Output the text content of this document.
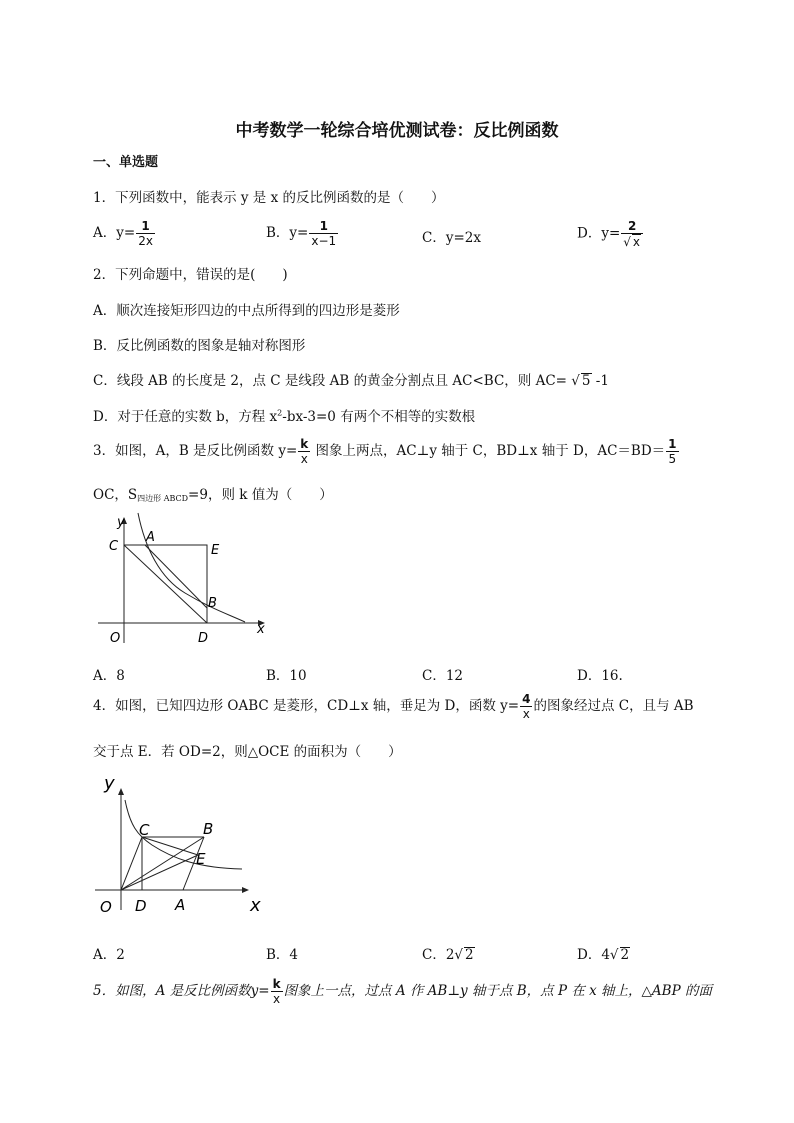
中考数学一轮综合培优测试卷：反比例函数
一、单选题
1．下列函数中，能表示 y 是 x 的反比例函数的是（　　）
A．$y= \frac{1}{2x}$	B．$y= \frac{1}{x-1}$	C．y=2x	D．$y= \frac{2}{√ x}$
2．下列命题中，错误的是(　　)
A．顺次连接矩形四边的中点所得到的四边形是菱形
B．反比例函数的图象是轴对称图形
C．线段 AB 的长度是 2，点 C 是线段 AB 的黄金分割点且 AC<BC，则 AC= √ 5 -1
D．对于任意的实数 b，方程 $x^2-bx-3=0$ 有两个不相等的实数根
3．如图，A，B 是反比例函数 $y= \frac{k}{x}$ 图象上两点，AC⊥y 轴于 C，BD⊥x 轴于 D，$AC=BD= \frac{1}{5}$
OC，$S_{四边形 ABCD}=9$，则 k 值为（　　）
y
x
C
A
E
B
O	D
A．8	B．10	C．12	D．16.
4．如图，已知四边形 OABC 是菱形，CD⊥x 轴，垂足为 D，函数 $y= \frac{4}{x}$ 的图象经过点 C，且与 AB
交于点 E．若 OD=2，则△OCE 的面积为（　　）
y
x
C	B
E
O D A
A．2	B．4	C．2√ 2	D．4√ 2
5．如图，A 是反比例函数$y= \frac{k}{x}$ 图象上一点，过点 A 作 AB⊥y 轴于点 B，点 P 在 x 轴上，△ABP 的面
